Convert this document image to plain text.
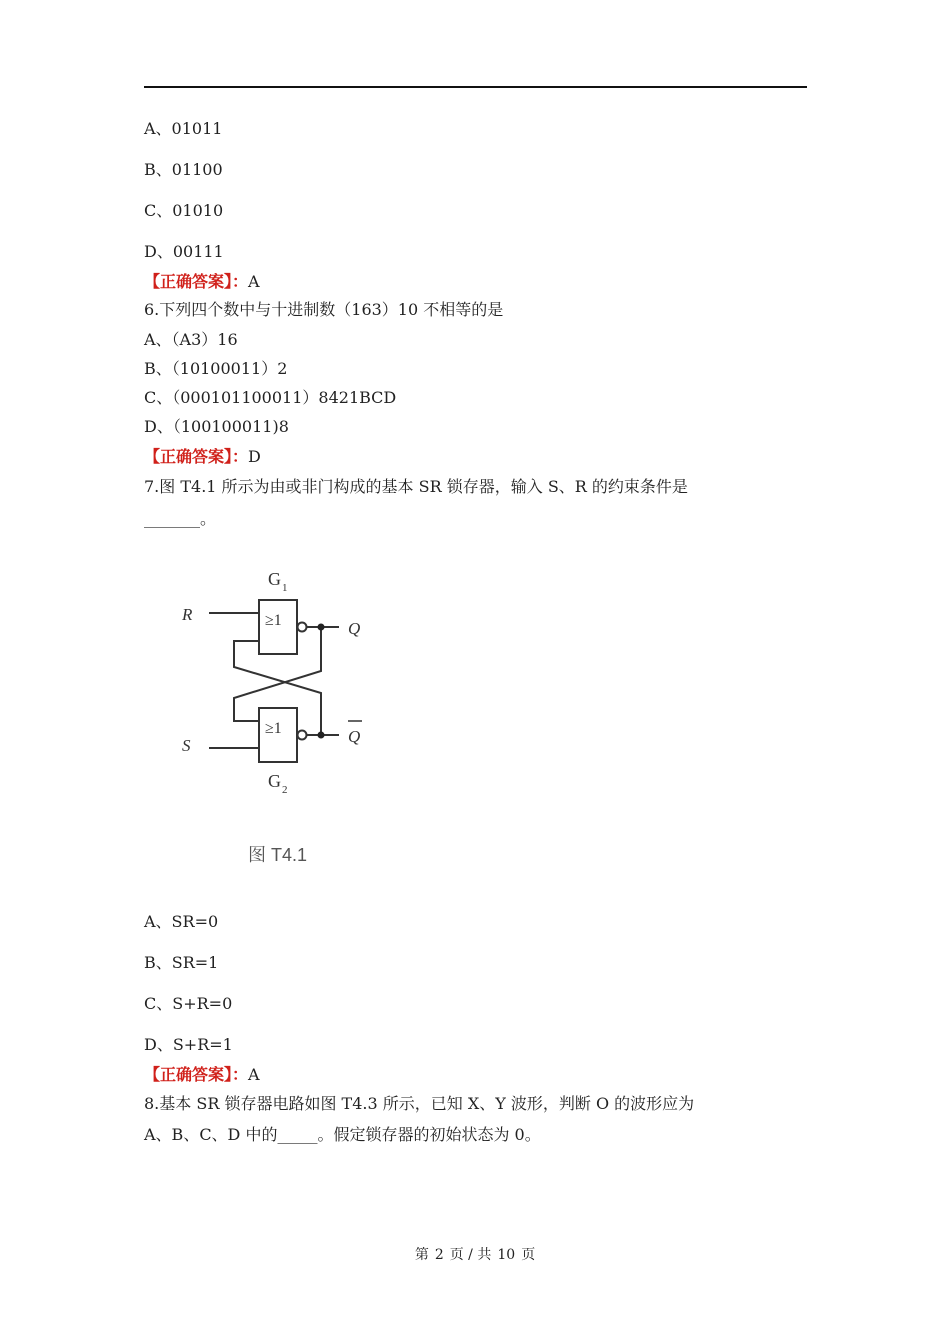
A、01011
B、01100
C、01010
D、00111
【正确答案】：A
6.下列四个数中与十进制数（163）10 不相等的是
A、（A3）16
B、（10100011）2
C、（000101100011）8421BCD
D、（100100011)8
【正确答案】：D
7.图 T4.1 所示为由或非门构成的基本 SR 锁存器，输入 S、R 的约束条件是
_______。
≥1
≥1
G 1
G 2
R
S
Q
Q
图 T4.1
A、SR=0
B、SR=1
C、S+R=0
D、S+R=1
【正确答案】：A
8.基本 SR 锁存器电路如图 T4.3 所示，已知 X、Y 波形，判断 O 的波形应为
A、B、C、D 中的_____。假定锁存器的初始状态为 0。
第 2 页 / 共 10 页
